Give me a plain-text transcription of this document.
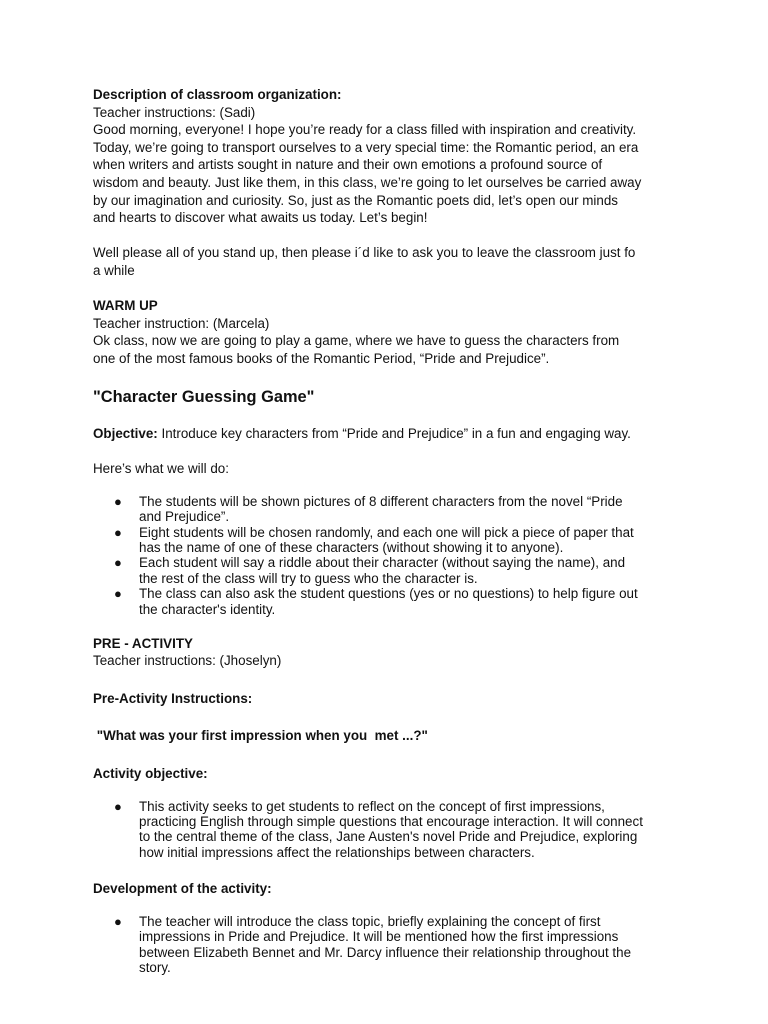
Description of classroom organization:

Teacher instructions: (Sadi)

Good morning, everyone! I hope you’re ready for a class filled with inspiration and creativity.

Today, we’re going to transport ourselves to a very special time: the Romantic period, an era

when writers and artists sought in nature and their own emotions a profound source of

wisdom and beauty. Just like them, in this class, we’re going to let ourselves be carried away

by our imagination and curiosity. So, just as the Romantic poets did, let’s open our minds

and hearts to discover what awaits us today. Let’s begin!

Well please all of you stand up, then please i´d like to ask you to leave the classroom just fo

a while

WARM UP

Teacher instruction: (Marcela)

Ok class, now we are going to play a game, where we have to guess the characters from

one of the most famous books of the Romantic Period, “Pride and Prejudice”.

"Character Guessing Game"

Objective: Introduce key characters from “Pride and Prejudice” in a fun and engaging way.

Here’s what we will do:

● The students will be shown pictures of 8 different characters from the novel “Pride

and Prejudice”.

● Eight students will be chosen randomly, and each one will pick a piece of paper that

has the name of one of these characters (without showing it to anyone).

● Each student will say a riddle about their character (without saying the name), and

the rest of the class will try to guess who the character is.

● The class can also ask the student questions (yes or no questions) to help figure out

the character's identity.

PRE - ACTIVITY

Teacher instructions: (Jhoselyn)

Pre-Activity Instructions:

"What was your first impression when you  met ...?"

Activity objective:

● This activity seeks to get students to reflect on the concept of first impressions,

practicing English through simple questions that encourage interaction. It will connect

to the central theme of the class, Jane Austen's novel Pride and Prejudice, exploring

how initial impressions affect the relationships between characters.

Development of the activity:

● The teacher will introduce the class topic, briefly explaining the concept of first

impressions in Pride and Prejudice. It will be mentioned how the first impressions

between Elizabeth Bennet and Mr. Darcy influence their relationship throughout the

story.
